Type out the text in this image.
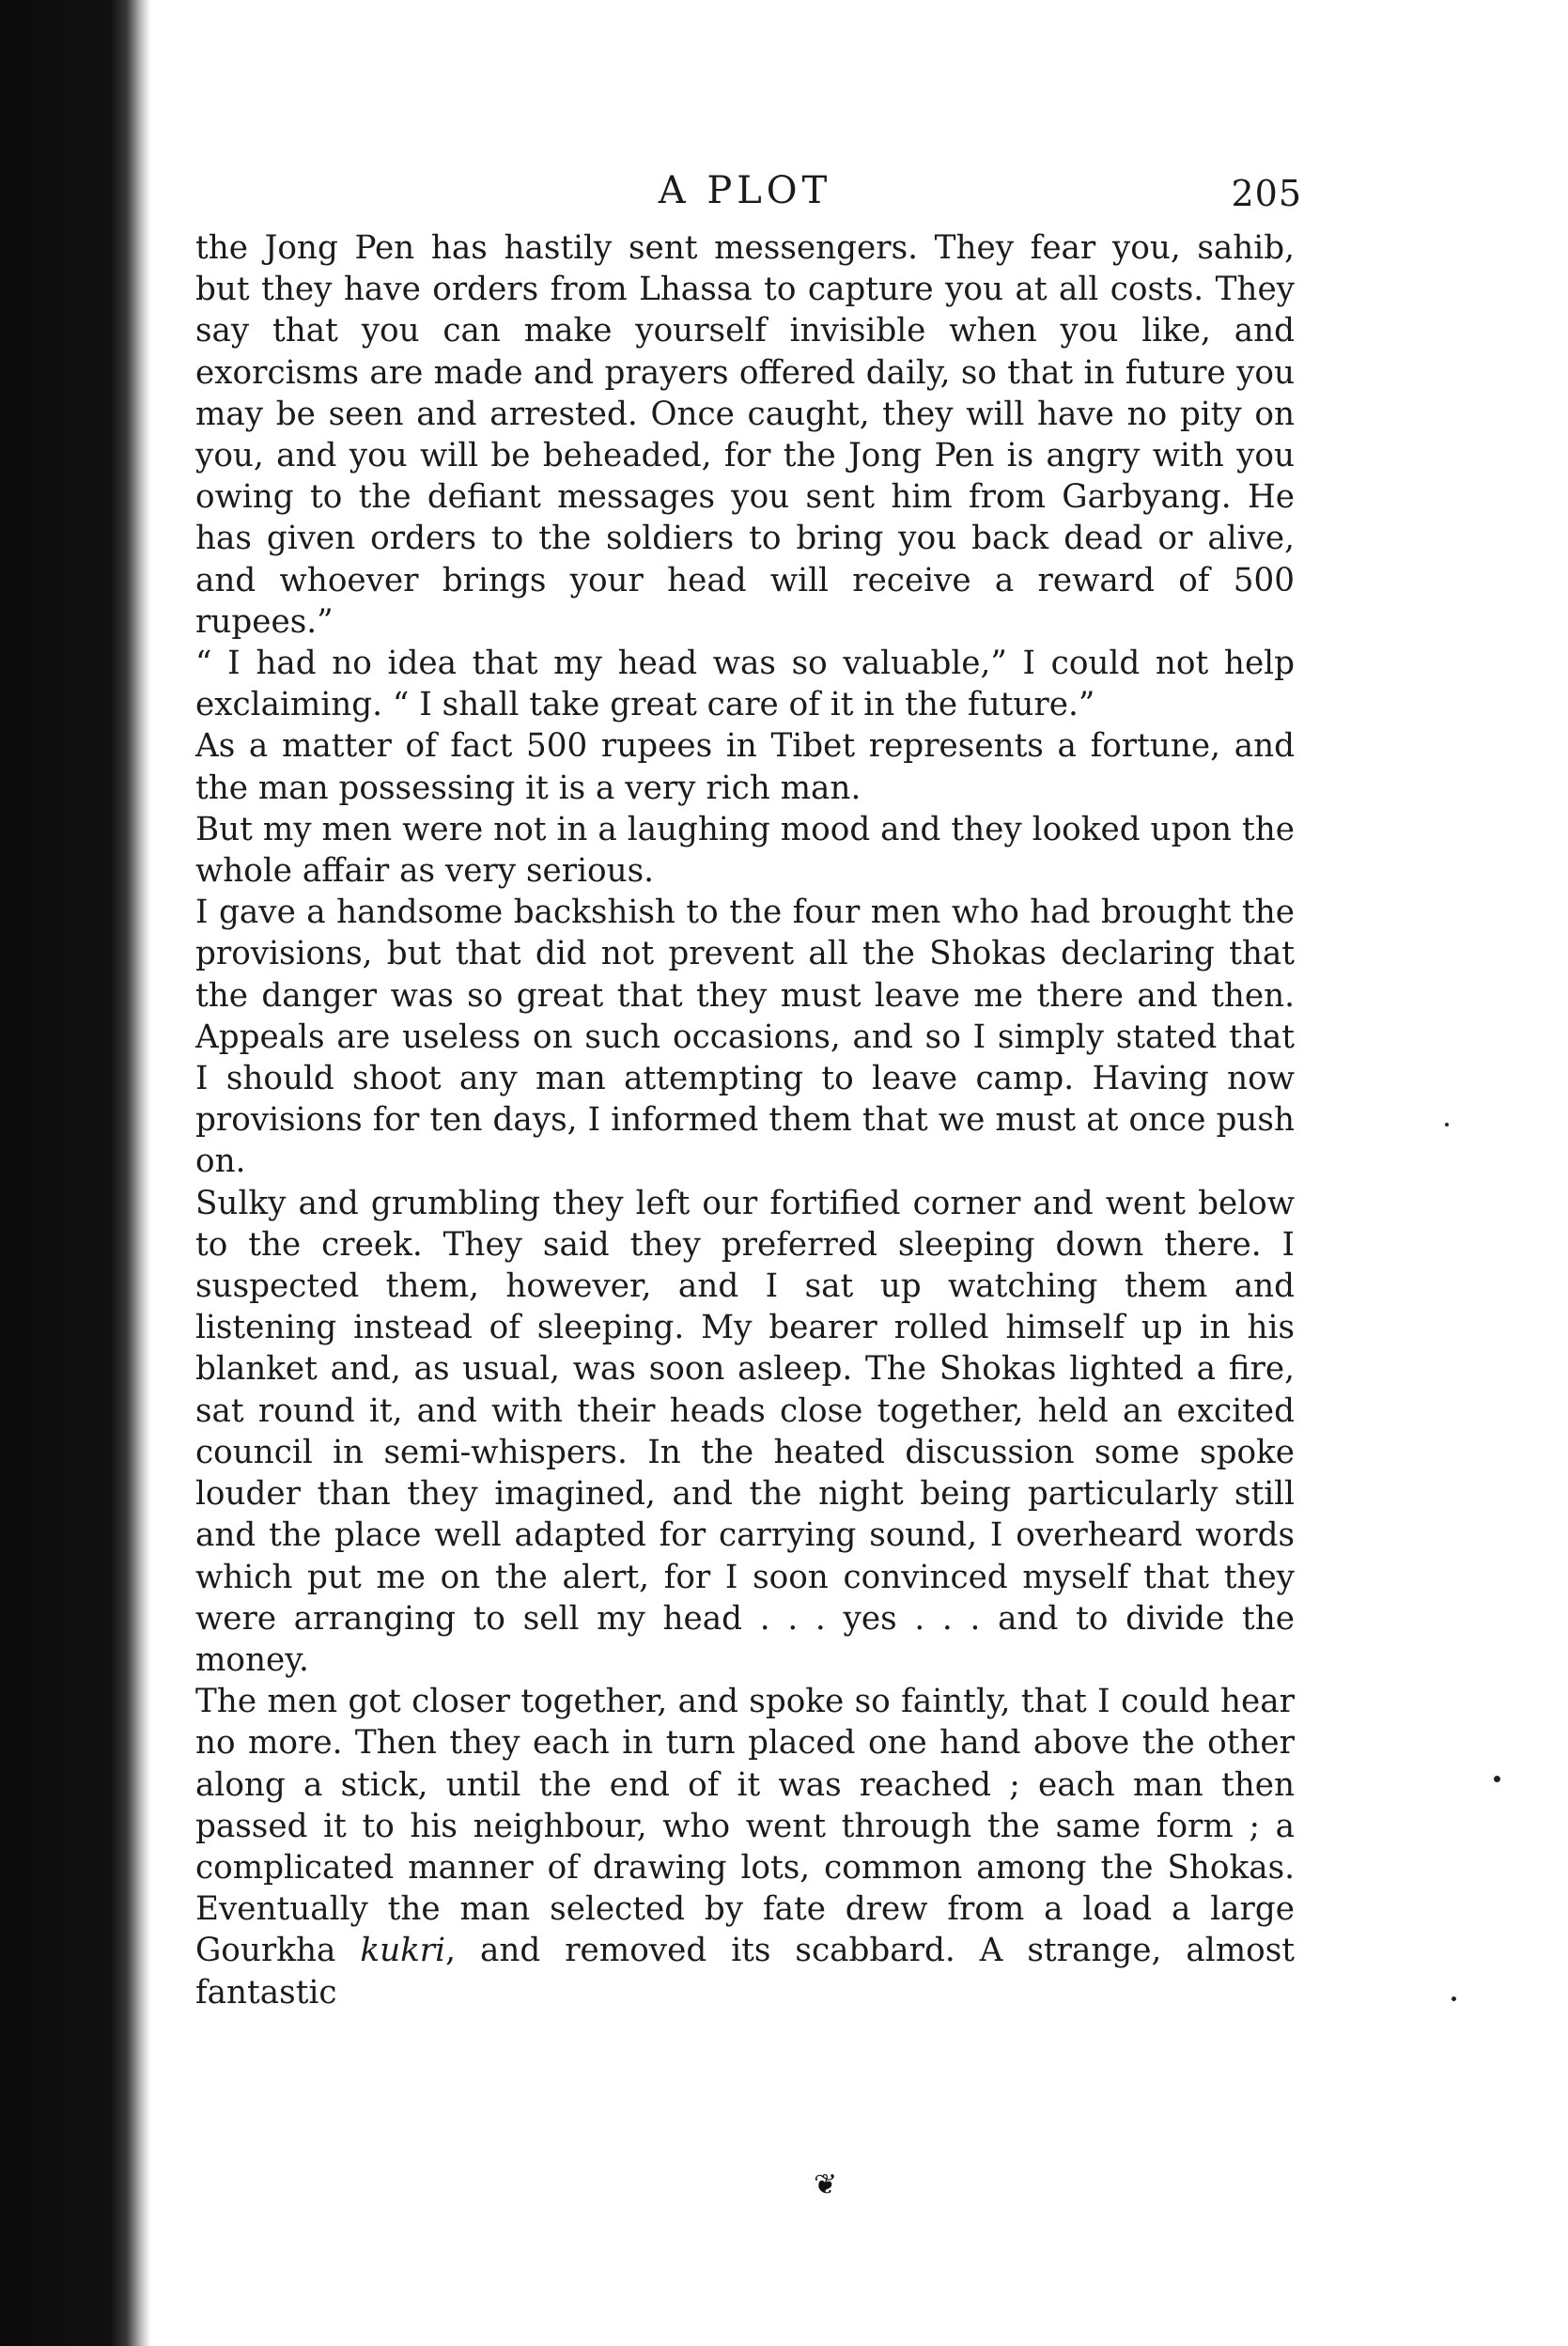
A PLOT	205

the Jong Pen has hastily sent messengers. They fear you, sahib, but they have orders from Lhassa to capture you at all costs. They say that you can make yourself invisible when you like, and exorcisms are made and prayers offered daily, so that in future you may be seen and arrested. Once caught, they will have no pity on you, and you will be beheaded, for the Jong Pen is angry with you owing to the defiant messages you sent him from Garbyang. He has given orders to the soldiers to bring you back dead or alive, and whoever brings your head will receive a reward of 500 rupees.”

“ I had no idea that my head was so valuable,” I could not help exclaiming. “ I shall take great care of it in the future.”

As a matter of fact 500 rupees in Tibet represents a fortune, and the man possessing it is a very rich man.

But my men were not in a laughing mood and they looked upon the whole affair as very serious.

I gave a handsome backshish to the four men who had brought the provisions, but that did not prevent all the Shokas declaring that the danger was so great that they must leave me there and then. Appeals are useless on such occasions, and so I simply stated that I should shoot any man attempting to leave camp. Having now provisions for ten days, I informed them that we must at once push on.

Sulky and grumbling they left our fortified corner and went below to the creek. They said they preferred sleeping down there. I suspected them, however, and I sat up watching them and listening instead of sleeping. My bearer rolled himself up in his blanket and, as usual, was soon asleep. The Shokas lighted a fire, sat round it, and with their heads close together, held an excited council in semi-whispers. In the heated discussion some spoke louder than they imagined, and the night being particularly still and the place well adapted for carrying sound, I overheard words which put me on the alert, for I soon convinced myself that they were arranging to sell my head . . . yes . . . and to divide the money.

The men got closer together, and spoke so faintly, that I could hear no more. Then they each in turn placed one hand above the other along a stick, until the end of it was reached ; each man then passed it to his neighbour, who went through the same form ; a complicated manner of drawing lots, common among the Shokas. Eventually the man selected by fate drew from a load a large Gourkha kukri, and removed its scabbard. A strange, almost fantastic

❦
